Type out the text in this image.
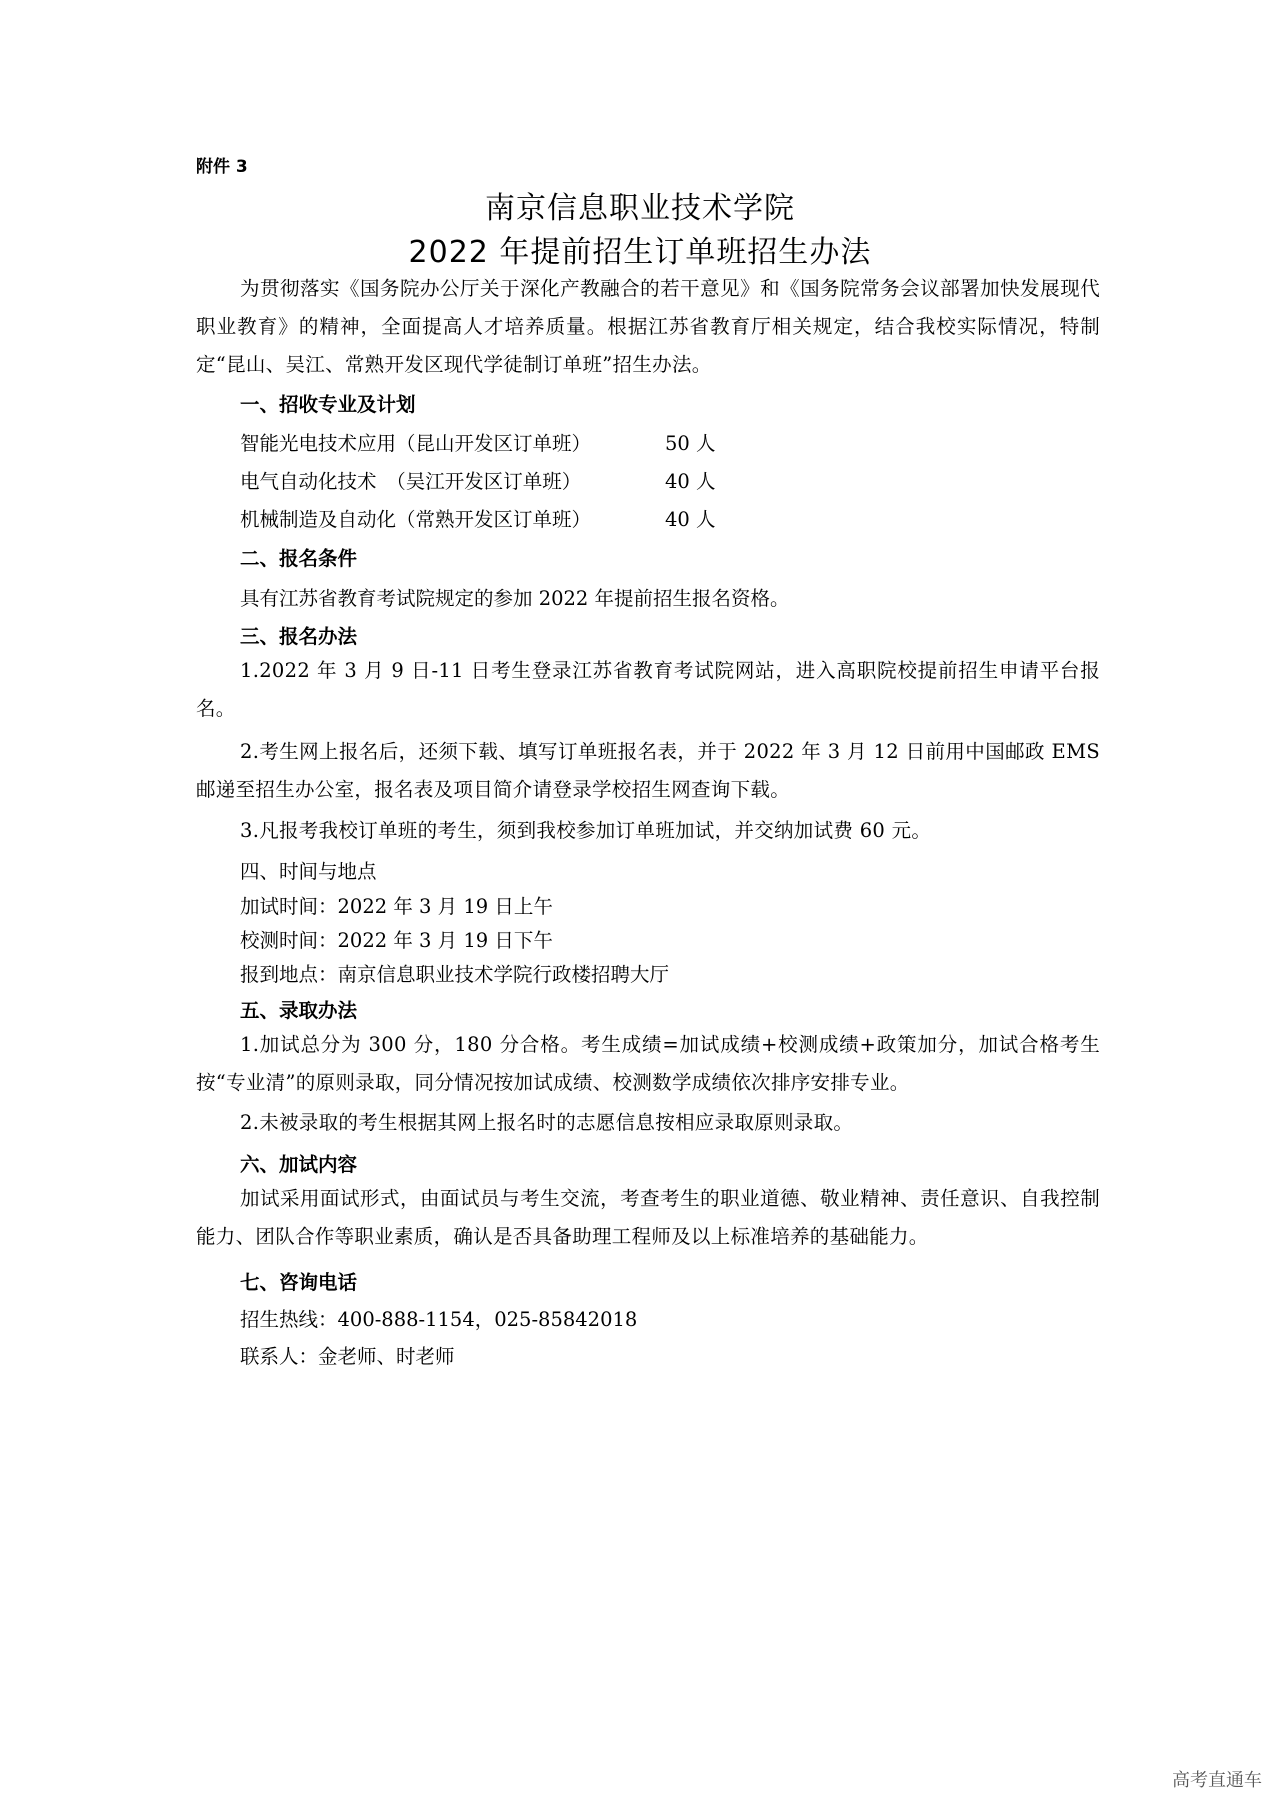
附件 3
南京信息职业技术学院
2022 年提前招生订单班招生办法
为贯彻落实《国务院办公厅关于深化产教融合的若干意见》和《国务院常务会议部署加快发展现代职业教育》的精神，全面提高人才培养质量。根据江苏省教育厅相关规定，结合我校实际情况，特制定“昆山、吴江、常熟开发区现代学徒制订单班”招生办法。
一、招收专业及计划
智能光电技术应用（昆山开发区订单班）	50 人
电气自动化技术　（吴江开发区订单班）	40 人
机械制造及自动化（常熟开发区订单班）	40 人
二、报名条件
具有江苏省教育考试院规定的参加 2022 年提前招生报名资格。
三、报名办法
1.2022 年 3 月 9 日-11 日考生登录江苏省教育考试院网站，进入高职院校提前招生申请平台报名。
2.考生网上报名后，还须下载、填写订单班报名表，并于 2022 年 3 月 12 日前用中国邮政 EMS 邮递至招生办公室，报名表及项目简介请登录学校招生网查询下载。
3.凡报考我校订单班的考生，须到我校参加订单班加试，并交纳加试费 60 元。
四、时间与地点
加试时间：2022 年 3 月 19 日上午
校测时间：2022 年 3 月 19 日下午
报到地点：南京信息职业技术学院行政楼招聘大厅
五、录取办法
1.加试总分为 300 分，180 分合格。考生成绩=加试成绩+校测成绩+政策加分，加试合格考生按“专业清”的原则录取，同分情况按加试成绩、校测数学成绩依次排序安排专业。
2.未被录取的考生根据其网上报名时的志愿信息按相应录取原则录取。
六、加试内容
加试采用面试形式，由面试员与考生交流，考查考生的职业道德、敬业精神、责任意识、自我控制能力、团队合作等职业素质，确认是否具备助理工程师及以上标准培养的基础能力。
七、咨询电话
招生热线：400-888-1154，025-85842018
联系人：金老师、时老师
高考直通车
